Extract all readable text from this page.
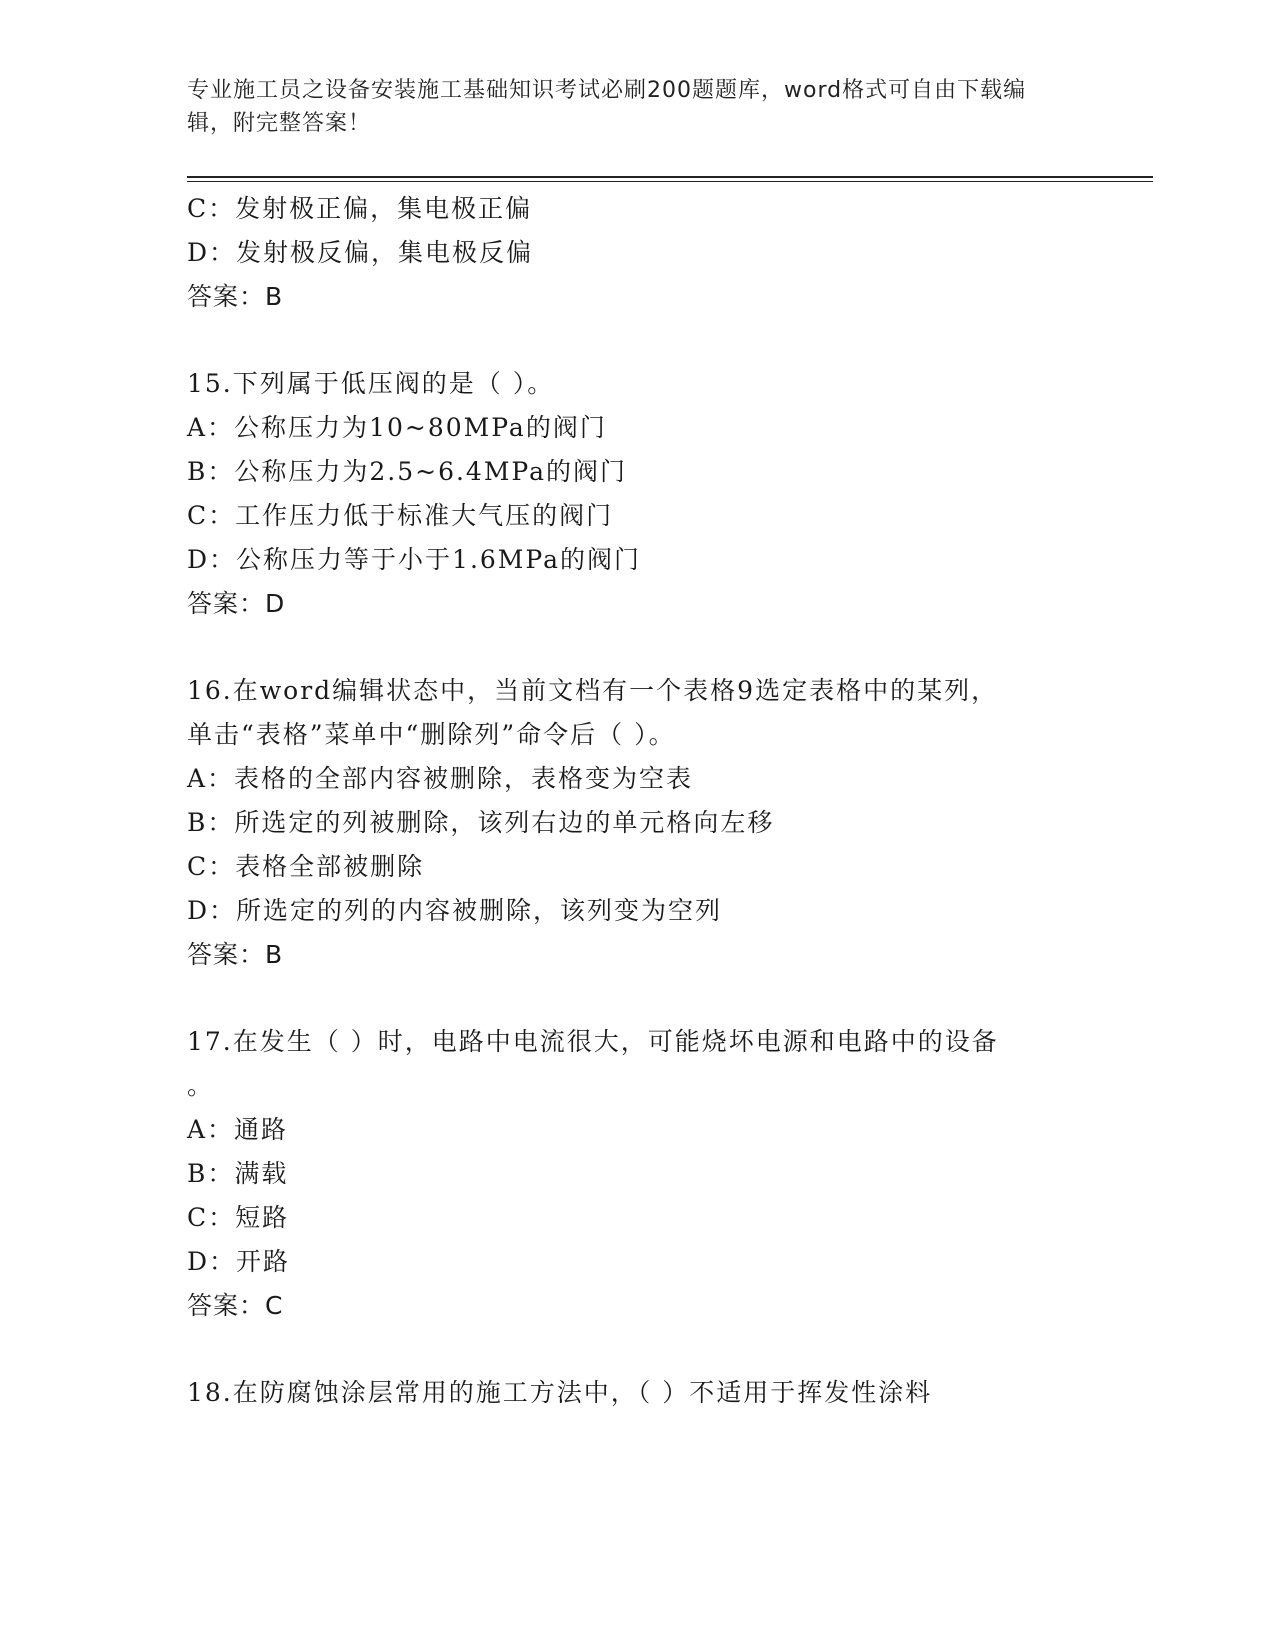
专业施工员之设备安装施工基础知识考试必刷200题题库，word格式可自由下载编辑，附完整答案！
C：发射极正偏，集电极正偏
D：发射极反偏，集电极反偏
答案：B
15.下列属于低压阀的是（ ）。
A：公称压力为10~80MPa的阀门
B：公称压力为2.5~6.4MPa的阀门
C：工作压力低于标准大气压的阀门
D：公称压力等于小于1.6MPa的阀门
答案：D
16.在word编辑状态中，当前文档有一个表格9选定表格中的某列，
单击“表格”菜单中“删除列”命令后（ ）。
A：表格的全部内容被删除，表格变为空表
B：所选定的列被删除，该列右边的单元格向左移
C：表格全部被删除
D：所选定的列的内容被删除，该列变为空列
答案：B
17.在发生（ ）时，电路中电流很大，可能烧坏电源和电路中的设备
。
A：通路
B：满载
C：短路
D：开路
答案：C
18.在防腐蚀涂层常用的施工方法中，（ ）不适用于挥发性涂料
